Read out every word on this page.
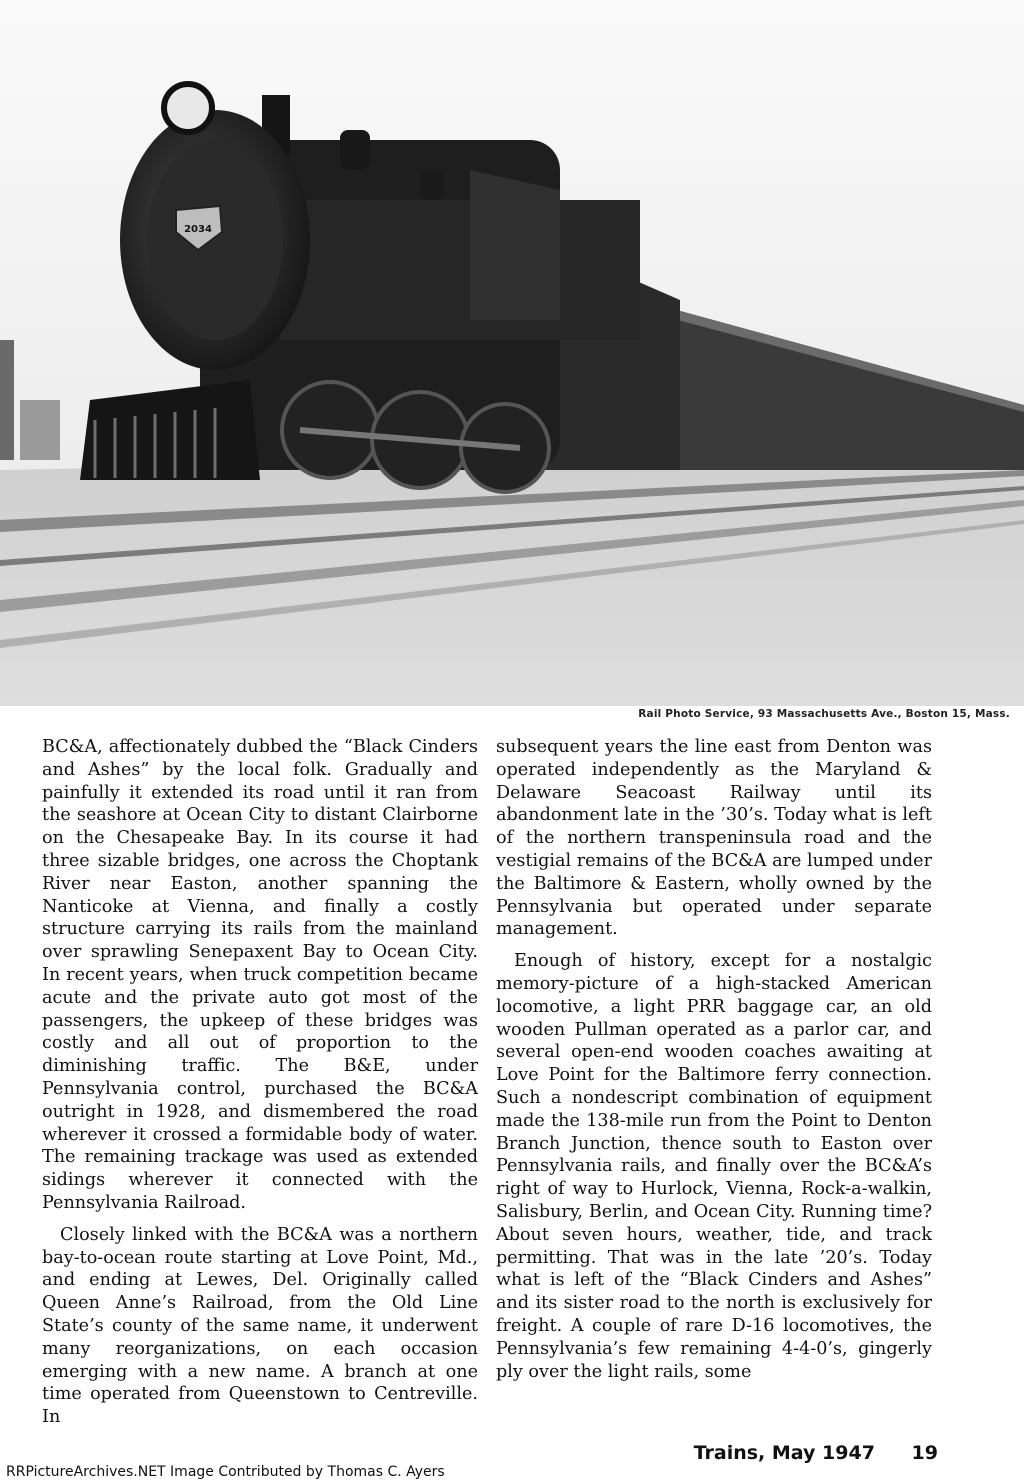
2034
Rail Photo Service, 93 Massachusetts Ave., Boston 15, Mass.

BC&A, affectionately dubbed the “Black Cinders and Ashes” by the local folk. Gradually and painfully it extended its road until it ran from the seashore at Ocean City to distant Clairborne on the Chesapeake Bay. In its course it had three sizable bridges, one across the Choptank River near Easton, another spanning the Nanticoke at Vienna, and finally a costly structure carrying its rails from the mainland over sprawling Senepaxent Bay to Ocean City. In recent years, when truck competition became acute and the private auto got most of the passengers, the upkeep of these bridges was costly and all out of proportion to the diminishing traffic. The B&E, under Pennsylvania control, purchased the BC&A outright in 1928, and dismembered the road wherever it crossed a formidable body of water. The remaining trackage was used as extended sidings wherever it connected with the Pennsylvania Railroad.

Closely linked with the BC&A was a northern bay-to-ocean route starting at Love Point, Md., and ending at Lewes, Del. Originally called Queen Anne’s Railroad, from the Old Line State’s county of the same name, it underwent many reorganizations, on each occasion emerging with a new name. A branch at one time operated from Queenstown to Centreville. In

subsequent years the line east from Denton was operated independently as the Maryland & Delaware Seacoast Railway until its abandonment late in the ’30’s. Today what is left of the northern transpeninsula road and the vestigial remains of the BC&A are lumped under the Baltimore & Eastern, wholly owned by the Pennsylvania but operated under separate management.

Enough of history, except for a nostalgic memory-picture of a high-stacked American locomotive, a light PRR baggage car, an old wooden Pullman operated as a parlor car, and several open-end wooden coaches awaiting at Love Point for the Baltimore ferry connection. Such a nondescript combination of equipment made the 138-mile run from the Point to Denton Branch Junction, thence south to Easton over Pennsylvania rails, and finally over the BC&A’s right of way to Hurlock, Vienna, Rock-a-walkin, Salisbury, Berlin, and Ocean City. Running time? About seven hours, weather, tide, and track permitting. That was in the late ’20’s. Today what is left of the “Black Cinders and Ashes” and its sister road to the north is exclusively for freight. A couple of rare D-16 locomotives, the Pennsylvania’s few remaining 4-4-0’s, gingerly ply over the light rails, some

Trains, May 1947 19
RRPictureArchives.NET Image Contributed by Thomas C. Ayers
